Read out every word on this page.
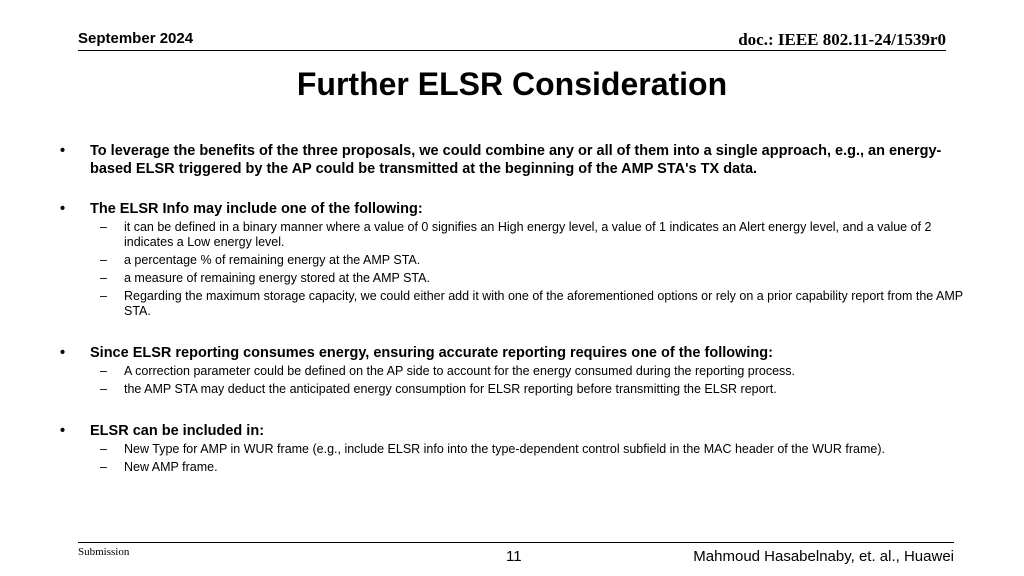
September 2024	doc.: IEEE 802.11-24/1539r0
Further ELSR Consideration
• To leverage the benefits of the three proposals, we could combine any or all of them into a single approach, e.g., an energy-based ELSR triggered by the AP could be transmitted at the beginning of the AMP STA's TX data.
• The ELSR Info may include one of the following:
– it can be defined in a binary manner where a value of 0 signifies an High energy level, a value of 1 indicates an Alert energy level, and a value of 2 indicates a Low energy level.
– a percentage % of remaining energy at the AMP STA.
– a measure of remaining energy stored at the AMP STA.
– Regarding the maximum storage capacity, we could either add it with one of the aforementioned options or rely on a prior capability report from the AMP STA.
• Since ELSR reporting consumes energy, ensuring accurate reporting requires one of the following:
– A correction parameter could be defined on the AP side to account for the energy consumed during the reporting process.
– the AMP STA may deduct the anticipated energy consumption for ELSR reporting before transmitting the ELSR report.
• ELSR can be included in:
– New Type for AMP in WUR frame (e.g., include ELSR info into the type-dependent control subfield in the MAC header of the WUR frame).
– New AMP frame.
Submission	11	Mahmoud Hasabelnaby, et. al., Huawei
